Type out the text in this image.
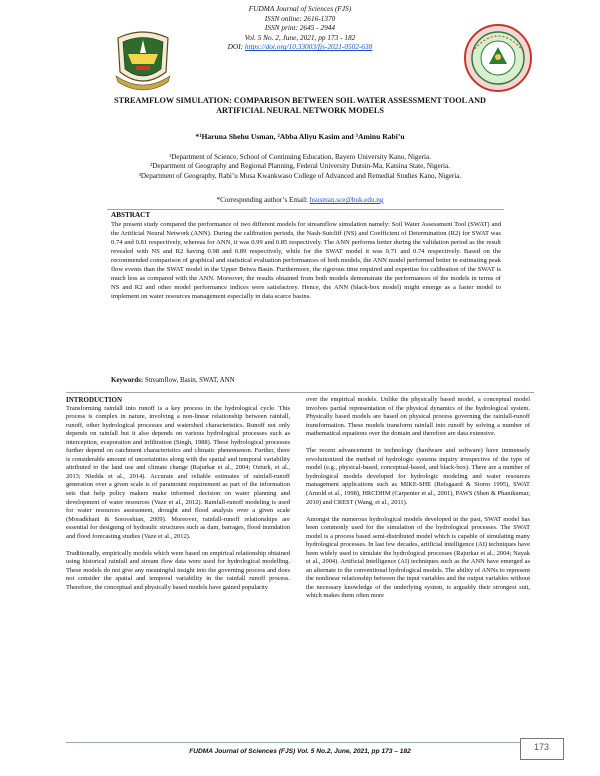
FUDMA Journal of Sciences (FJS)
ISSN online: 2616-1370
ISSN print: 2645 - 2944
Vol. 5 No. 2, June, 2021, pp 173 - 182
DOI: https://doi.org/10.33003/fjs-2021-0502-638
STREAMFLOW SIMULATION: COMPARISON BETWEEN SOIL WATER ASSESSMENT TOOL AND
ARTIFICIAL NEURAL NETWORK MODELS
*¹Haruna Shehu Usman, ²Abba Aliyu Kasim and ³Aminu Rabi’u
¹Department of Science, School of Continuing Education, Bayero University Kano, Nigeria.
²Department of Geography and Regional Planning, Federal University Dutsin-Ma, Katsina State, Nigeria.
³Department of Geography, Rabi’u Musa Kwankwaso College of Advanced and Remedial Studies Kano, Nigeria.
*Corresponding author’s Email: hsusman.sce@buk.edu.ng
ABSTRACT
The present study compared the performance of two different models for streamflow simulation namely: Soil Water Assessment Tool (SWAT) and the Artificial Neural Network (ANN). During the calibration periods, the Nash-Sutcliff (NS) and Coefficient of Determination (R2) for SWAT was 0.74 and 0.81 respectively, whereas for ANN, it was 0.99 and 0.85 respectively. The ANN performs better during the validation period as the result revealed with NS and R2 having 0.98 and 0.89 respectively, while for the SWAT model it was 0.71 and 0.74 respectively. Based on the recommended comparison of graphical and statistical evaluation performances of both models, the ANN model performed better in estimating peak flow events than the SWAT model in the Upper Betwa Basin. Furthermore, the rigorous time required and expertise for calibration of the SWAT is much less as compared with the ANN. Moreover, the results obtained from both models demonstrate the performances of the models in terms of NS and R2 and other model performance indices were satisfactory. Hence, the ANN (black-box model) might emerge as a faster model to implement on water resources management especially in data scarce basins.
Keywords: Streamflow, Basin, SWAT, ANN
INTRODUCTION

Transforming rainfall into runoff is a key process in the hydrological cycle. This process is complex in nature, involving a non-linear relationship between rainfall, runoff, other hydrological processes and watershed characteristics. Runoff not only depends on rainfall but it also depends on various hydrological processes such as interception, evaporation and infiltration (Singh, 1988). These hydrological processes further depend on catchment characteristics and climatic phenomenon. Further, there is considerable amount of uncertainties along with the spatial and temporal variability attributed to the land use and climate change (Rajurkar et al., 2004; Ozturk, et al., 2013; Niedda et al., 2014). Accurate and reliable estimates of rainfall-runoff generation over a given scale is of paramount requirement as part of the information sets that help policy makers make informed decision on water planning and development of water resources (Vaze et al., 2012). Rainfall-runoff modeling is used for water resources assessment, drought and flood analysis over a given scale (Moradkhani & Sorooshian, 2009). Moreover, rainfall-runoff relationships are essential for designing of hydraulic structures such as dam, barrages, flood inundation and flood forecasting studies (Vaze et al., 2012).

Traditionally, empirically models which were based on empirical relationship obtained using historical rainfall and stream flow data were used for hydrological modelling. These models do not give any meaningful insight into the governing process and does not consider the spatial and temporal variability in the rainfall runoff process. Therefore, the conceptual and physically based models have gained popularity

over the empirical models. Unlike the physically based model, a conceptual model involves partial representation of the physical dynamics of the hydrological system. Physically based models are based on physical process governing the rainfall-runoff transformation. These models transform rainfall into runoff by solving a number of mathematical equations over the domain and therefore are data extensive.

The recent advancement in technology (hardware and software) have immensely revolutionized the method of hydrologic systems inquiry irrespective of the type of model (e.g., physical-based, conceptual-based, and black-box). There are a number of hydrological models developed for hydrologic modeling and water resources management applications such as MIKE-SHE (Refsgaard & Storm 1995), SWAT (Arnold et al., 1998), HRCDHM (Carpenter et al., 2001), PAWS (Shen & Phanikumar, 2010) and CREST (Wang, et al., 2011).

Amongst the numerous hydrological models developed in the past, SWAT model has been commonly used for the simulation of the hydrological processes. The SWAT model is a process based semi-distributed model which is capable of simulating many hydrological processes. In last few decades, artificial intelligence (AI) techniques have been widely used to simulate the hydrological processes (Rajurkar et al., 2004; Nayak et al., 2004). Artificial Intelligence (AI) techniques such as the ANN have emerged as an alternate to the conventional hydrological models. The ability of ANNs to represent the nonlinear relationship between the input variables and the output variables without the necessary knowledge of the underlying system, is arguably their strongest suit, which makes them often more

FUDMA Journal of Sciences (FJS) Vol. 5 No.2, June, 2021, pp 173 – 182	173
